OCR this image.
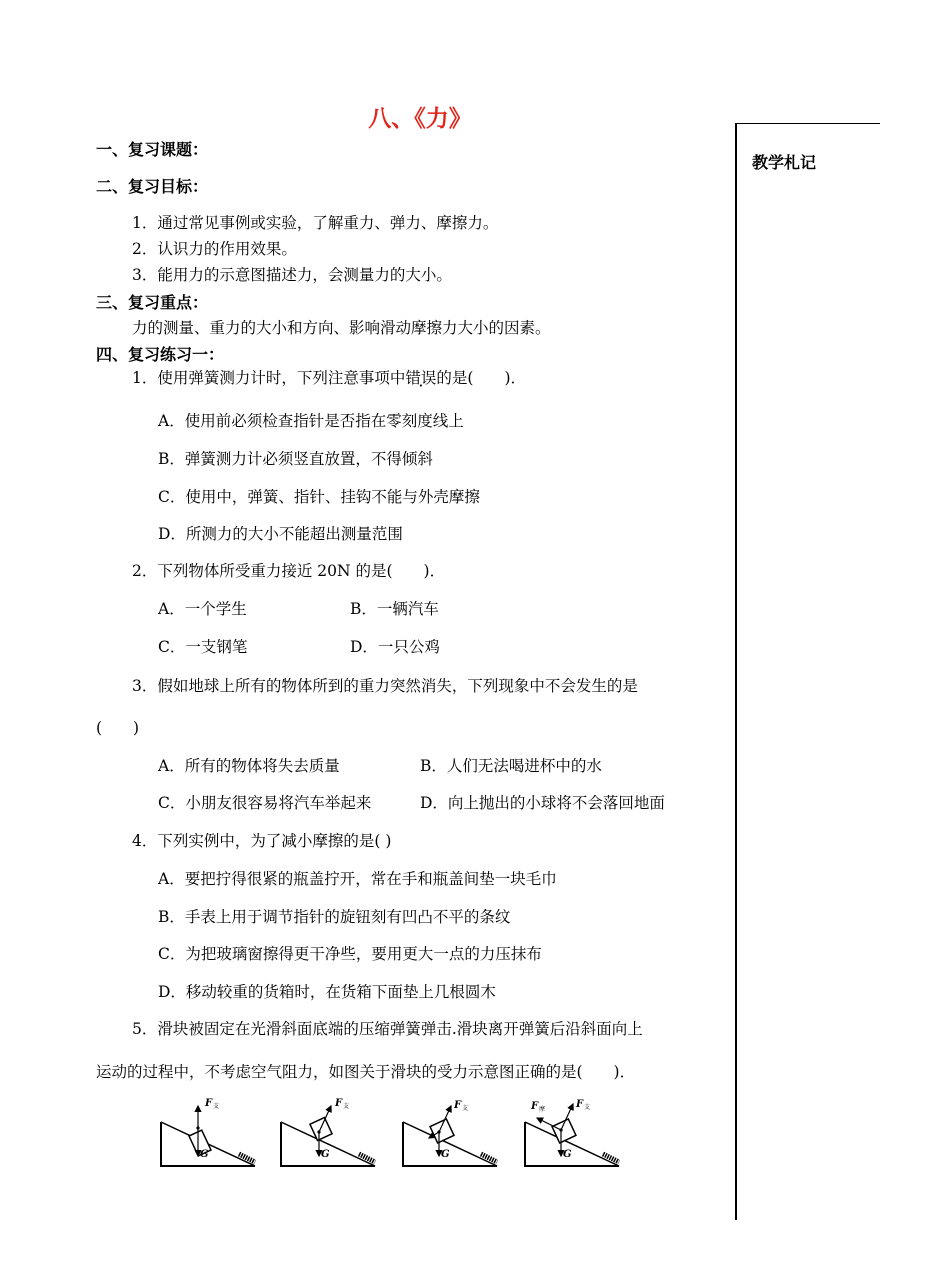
八、《力》
教学札记
一、复习课题：
二、复习目标：
1．通过常见事例或实验，了解重力、弹力、摩擦力。
2．认识力的作用效果。
3．能用力的示意图描述力，会测量力的大小。
三、复习重点：
力的测量、重力的大小和方向、影响滑动摩擦力大小的因素。
四、复习练习一：
1．使用弹簧测力计时，下列注意事项中错误的是(　　)．
A．使用前必须检查指针是否指在零刻度线上
B．弹簧测力计必须竖直放置，不得倾斜
C．使用中，弹簧、指针、挂钩不能与外壳摩擦
D．所测力的大小不能超出测量范围
2．下列物体所受重力接近 20N 的是(　　)．
A．一个学生	B．一辆汽车
C．一支钢笔	D．一只公鸡
3．假如地球上所有的物体所到的重力突然消失，下列现象中不会发生的是
(　　)
A．所有的物体将失去质量	B．人们无法喝进杯中的水
C．小朋友很容易将汽车举起来	D．向上抛出的小球将不会落回地面
4．下列实例中，为了减小摩擦的是( )
A．要把拧得很紧的瓶盖拧开，常在手和瓶盖间垫一块毛巾
B．手表上用于调节指针的旋钮刻有凹凸不平的条纹
C．为把玻璃窗擦得更干净些，要用更大一点的力压抹布
D．移动较重的货箱时，在货箱下面垫上几根圆木
5．滑块被固定在光滑斜面底端的压缩弹簧弹击.滑块离开弹簧后沿斜面向上
运动的过程中，不考虑空气阻力，如图关于滑块的受力示意图正确的是(　　)．
F 支
G
F 支
G
F 支
G
F 摩	F 支
G
